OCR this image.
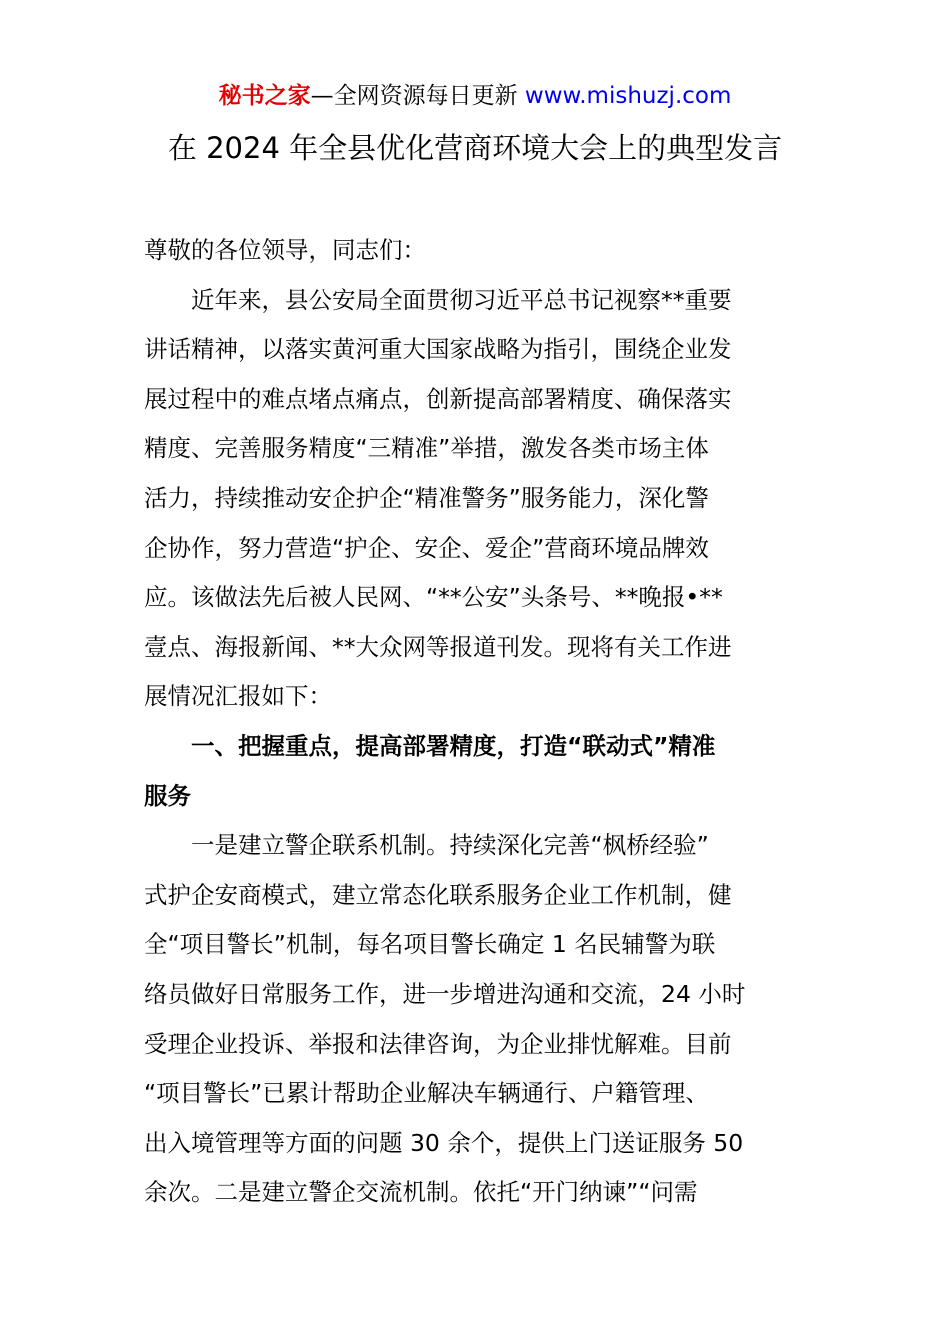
秘书之家—全网资源每日更新 www.mishuzj.com
在 2024 年全县优化营商环境大会上的典型发言
尊敬的各位领导，同志们：
　　近年来，县公安局全面贯彻习近平总书记视察**重要
讲话精神，以落实黄河重大国家战略为指引，围绕企业发
展过程中的难点堵点痛点，创新提高部署精度、确保落实
精度、完善服务精度“三精准”举措，激发各类市场主体
活力，持续推动安企护企“精准警务”服务能力，深化警
企协作，努力营造“护企、安企、爱企”营商环境品牌效
应。该做法先后被人民网、“**公安”头条号、**晚报•**
壹点、海报新闻、**大众网等报道刊发。现将有关工作进
展情况汇报如下：
　　一、把握重点，提高部署精度，打造“联动式”精准
服务
　　一是建立警企联系机制。持续深化完善“枫桥经验”
式护企安商模式，建立常态化联系服务企业工作机制，健
全“项目警长”机制，每名项目警长确定 1 名民辅警为联
络员做好日常服务工作，进一步增进沟通和交流，24 小时
受理企业投诉、举报和法律咨询，为企业排忧解难。目前
“项目警长”已累计帮助企业解决车辆通行、户籍管理、
出入境管理等方面的问题 30 余个，提供上门送证服务 50
余次。二是建立警企交流机制。依托“开门纳谏”“问需
